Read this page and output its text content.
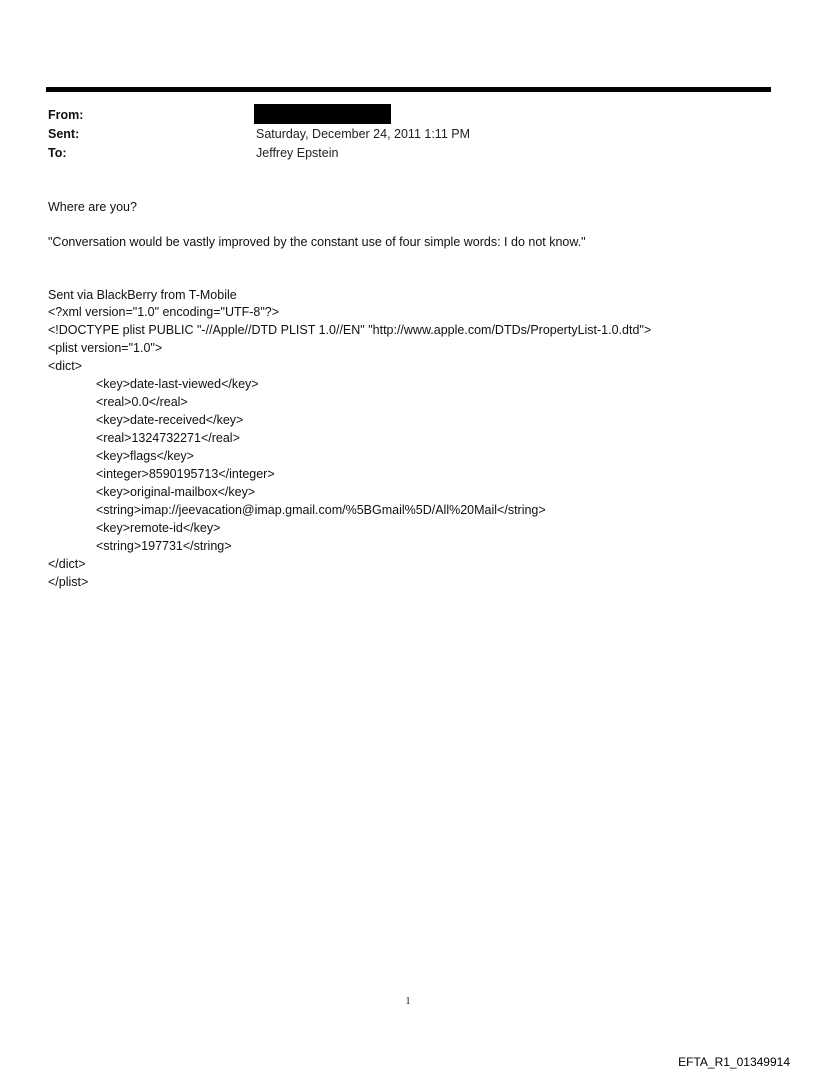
From:
Sent:	Saturday, December 24, 2011 1:11 PM
To:	Jeffrey Epstein
Where are you?
"Conversation would be vastly improved by the constant use of four simple words: I do not know."
Sent via BlackBerry from T-Mobile
<?xml version="1.0" encoding="UTF-8"?>
<!DOCTYPE plist PUBLIC "-//Apple//DTD PLIST 1.0//EN" "http://www.apple.com/DTDs/PropertyList-1.0.dtd">
<plist version="1.0">
<dict>
<key>date-last-viewed</key>
<real>0.0</real>
<key>date-received</key>
<real>1324732271</real>
<key>flags</key>
<integer>8590195713</integer>
<key>original-mailbox</key>
<string>imap://jeevacation@imap.gmail.com/%5BGmail%5D/All%20Mail</string>
<key>remote-id</key>
<string>197731</string>
</dict>
</plist>
1
EFTA_R1_01349914
